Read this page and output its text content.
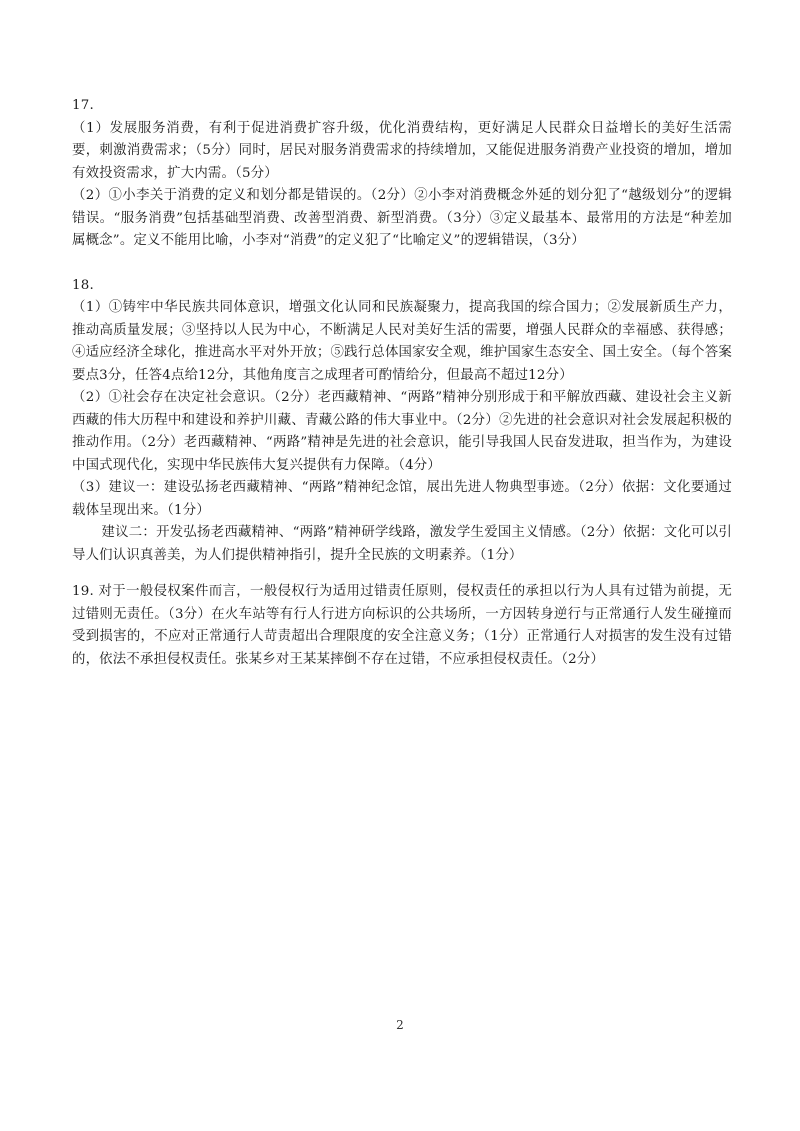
17.

（1）发展服务消费，有利于促进消费扩容升级，优化消费结构，更好满足人民群众日益增长的美好生活需要，刺激消费需求；（5分）同时，居民对服务消费需求的持续增加，又能促进服务消费产业投资的增加，增加有效投资需求，扩大内需。（5分）

（2）①小李关于消费的定义和划分都是错误的。（2分）②小李对消费概念外延的划分犯了“越级划分”的逻辑错误。“服务消费”包括基础型消费、改善型消费、新型消费。（3分）③定义最基本、最常用的方法是“种差加属概念”。定义不能用比喻，小李对“消费”的定义犯了“比喻定义”的逻辑错误，（3分）

18.

（1）①铸牢中华民族共同体意识，增强文化认同和民族凝聚力，提高我国的综合国力；②发展新质生产力，推动高质量发展；③坚持以人民为中心，不断满足人民对美好生活的需要，增强人民群众的幸福感、获得感；④适应经济全球化，推进高水平对外开放；⑤践行总体国家安全观，维护国家生态安全、国土安全。（每个答案要点3分，任答4点给12分，其他角度言之成理者可酌情给分，但最高不超过12分）

（2）①社会存在决定社会意识。（2分）老西藏精神、“两路”精神分别形成于和平解放西藏、建设社会主义新西藏的伟大历程中和建设和养护川藏、青藏公路的伟大事业中。（2分）②先进的社会意识对社会发展起积极的推动作用。（2分）老西藏精神、“两路”精神是先进的社会意识，能引导我国人民奋发进取，担当作为，为建设中国式现代化，实现中华民族伟大复兴提供有力保障。（4分）

（3）建议一：建设弘扬老西藏精神、“两路”精神纪念馆，展出先进人物典型事迹。（2分）依据：文化要通过载体呈现出来。（1分）

建议二：开发弘扬老西藏精神、“两路”精神研学线路，激发学生爱国主义情感。（2分）依据：文化可以引导人们认识真善美，为人们提供精神指引，提升全民族的文明素养。（1分）

19. 对于一般侵权案件而言，一般侵权行为适用过错责任原则，侵权责任的承担以行为人具有过错为前提，无过错则无责任。（3分）在火车站等有行人行进方向标识的公共场所，一方因转身逆行与正常通行人发生碰撞而受到损害的，不应对正常通行人苛责超出合理限度的安全注意义务；（1分）正常通行人对损害的发生没有过错的，依法不承担侵权责任。张某乡对王某某摔倒不存在过错，不应承担侵权责任。（2分）

2
